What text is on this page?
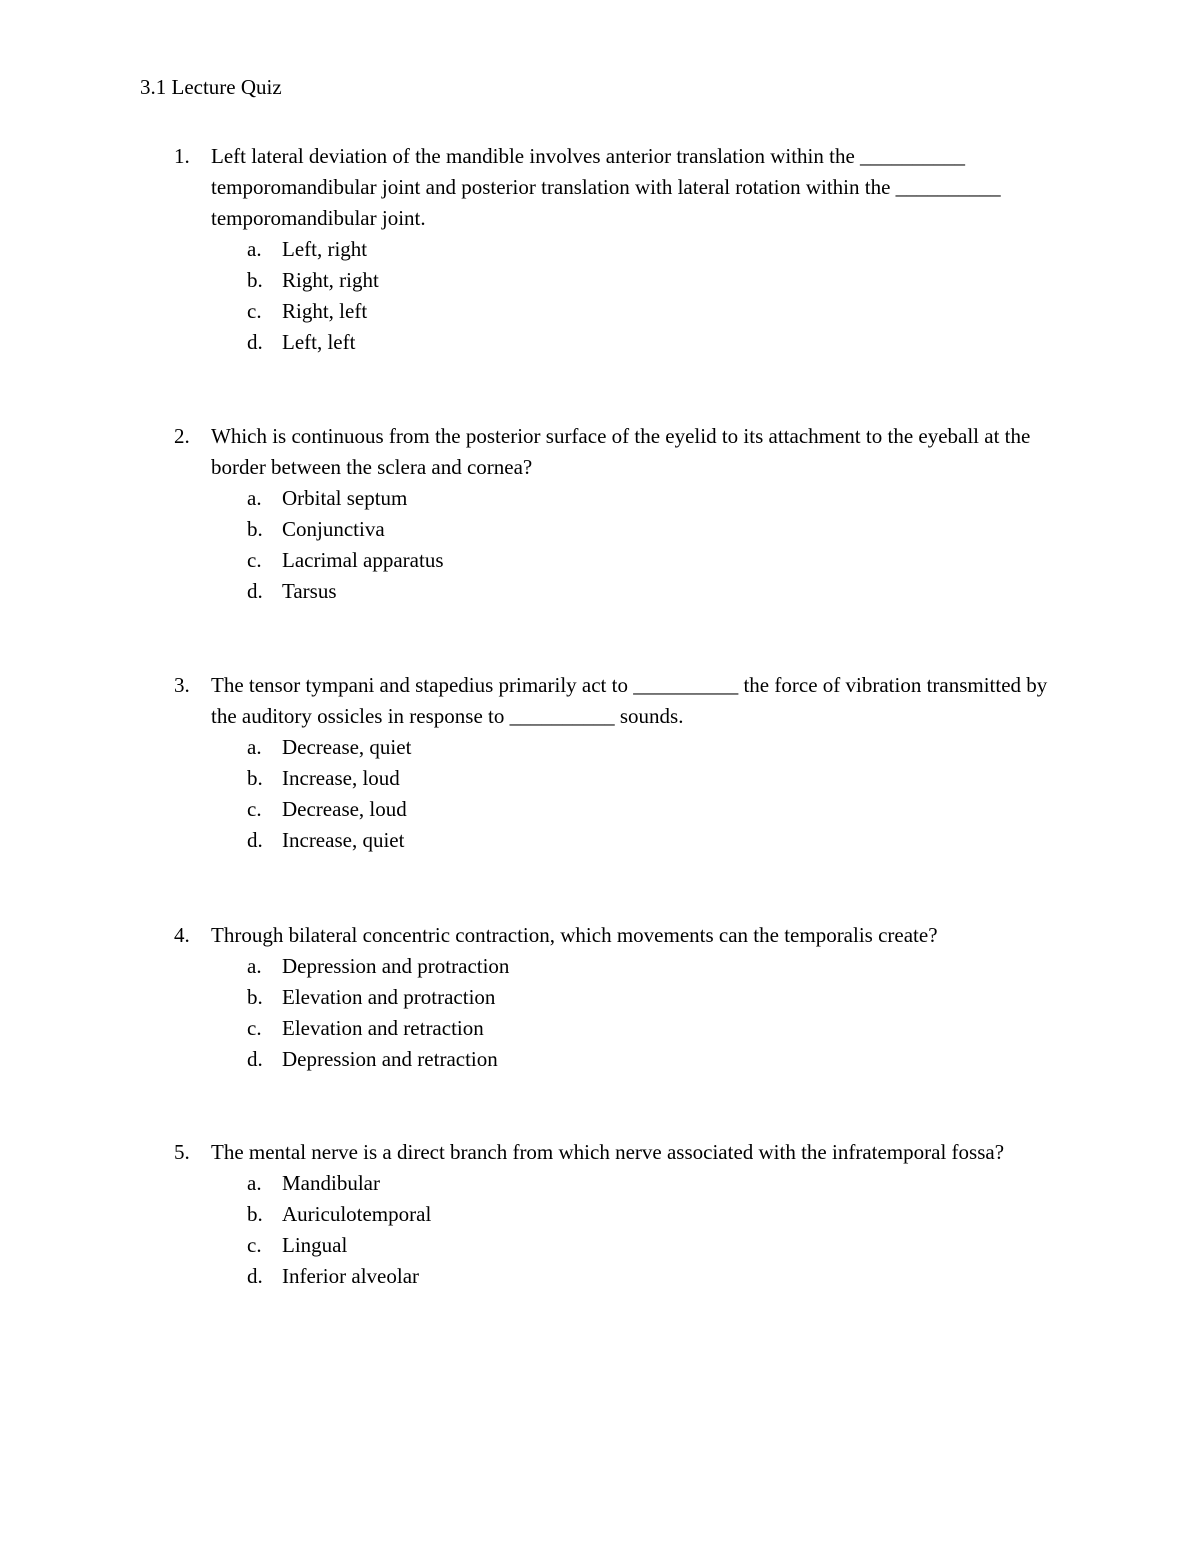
3.1 Lecture Quiz
1.	Left lateral deviation of the mandible involves anterior translation within the __________ temporomandibular joint and posterior translation with lateral rotation within the __________ temporomandibular joint.
a. Left, right
b. Right, right
c. Right, left
d. Left, left
2.	Which is continuous from the posterior surface of the eyelid to its attachment to the eyeball at the border between the sclera and cornea?
a. Orbital septum
b. Conjunctiva
c. Lacrimal apparatus
d. Tarsus
3.	The tensor tympani and stapedius primarily act to __________ the force of vibration transmitted by the auditory ossicles in response to __________ sounds.
a. Decrease, quiet
b. Increase, loud
c. Decrease, loud
d. Increase, quiet
4.	Through bilateral concentric contraction, which movements can the temporalis create?
a. Depression and protraction
b. Elevation and protraction
c. Elevation and retraction
d. Depression and retraction
5.	The mental nerve is a direct branch from which nerve associated with the infratemporal fossa?
a. Mandibular
b. Auriculotemporal
c. Lingual
d. Inferior alveolar
